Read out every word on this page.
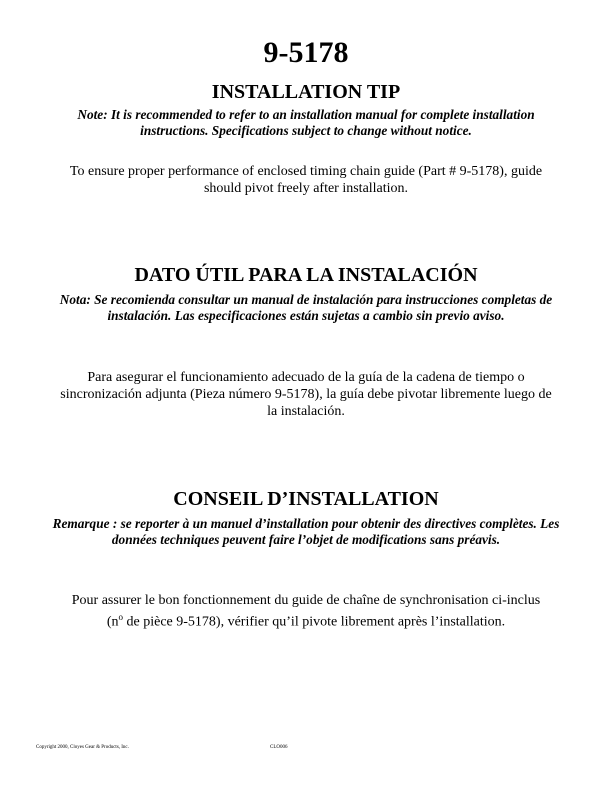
9-5178
INSTALLATION TIP
Note: It is recommended to refer to an installation manual for complete installation instructions. Specifications subject to change without notice.
To ensure proper performance of enclosed timing chain guide (Part # 9-5178), guide should pivot freely after installation.
DATO ÚTIL PARA LA INSTALACIÓN
Nota: Se recomienda consultar un manual de instalación para instrucciones completas de instalación. Las especificaciones están sujetas a cambio sin previo aviso.
Para asegurar el funcionamiento adecuado de la guía de la cadena de tiempo o sincronización adjunta (Pieza número 9-5178), la guía debe pivotar libremente luego de la instalación.
CONSEIL D’INSTALLATION
Remarque : se reporter à un manuel d’installation pour obtenir des directives complètes. Les données techniques peuvent faire l’objet de modifications sans préavis.
Pour assurer le bon fonctionnement du guide de chaîne de synchronisation ci-inclus
($n^o$ de pièce 9-5178), vérifier qu’il pivote librement après l’installation.
Copyright 2000, Cloyes Gear & Products, Inc.	CLO006
